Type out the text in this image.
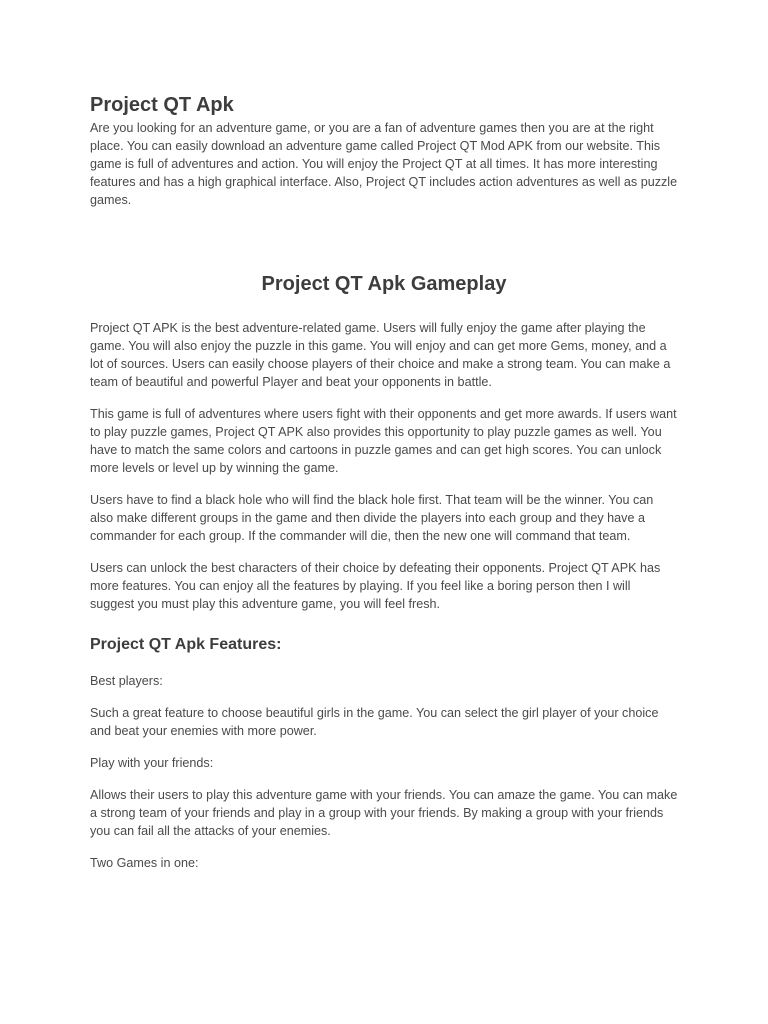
Project QT Apk

Are you looking for an adventure game, or you are a fan of adventure games then you are at the right place. You can easily download an adventure game called Project QT Mod APK from our website. This game is full of adventures and action. You will enjoy the Project QT at all times. It has more interesting features and has a high graphical interface. Also, Project QT includes action adventures as well as puzzle games.

Project QT Apk Gameplay

Project QT APK is the best adventure-related game. Users will fully enjoy the game after playing the game. You will also enjoy the puzzle in this game. You will enjoy and can get more Gems, money, and a lot of sources. Users can easily choose players of their choice and make a strong team. You can make a team of beautiful and powerful Player and beat your opponents in battle.

This game is full of adventures where users fight with their opponents and get more awards. If users want to play puzzle games, Project QT APK also provides this opportunity to play puzzle games as well. You have to match the same colors and cartoons in puzzle games and can get high scores. You can unlock more levels or level up by winning the game.

Users have to find a black hole who will find the black hole first. That team will be the winner. You can also make different groups in the game and then divide the players into each group and they have a commander for each group. If the commander will die, then the new one will command that team.

Users can unlock the best characters of their choice by defeating their opponents. Project QT APK has more features. You can enjoy all the features by playing. If you feel like a boring person then I will suggest you must play this adventure game, you will feel fresh.

Project QT Apk Features:

Best players:

Such a great feature to choose beautiful girls in the game. You can select the girl player of your choice and beat your enemies with more power.

Play with your friends:

Allows their users to play this adventure game with your friends. You can amaze the game. You can make a strong team of your friends and play in a group with your friends. By making a group with your friends you can fail all the attacks of your enemies.

Two Games in one:
